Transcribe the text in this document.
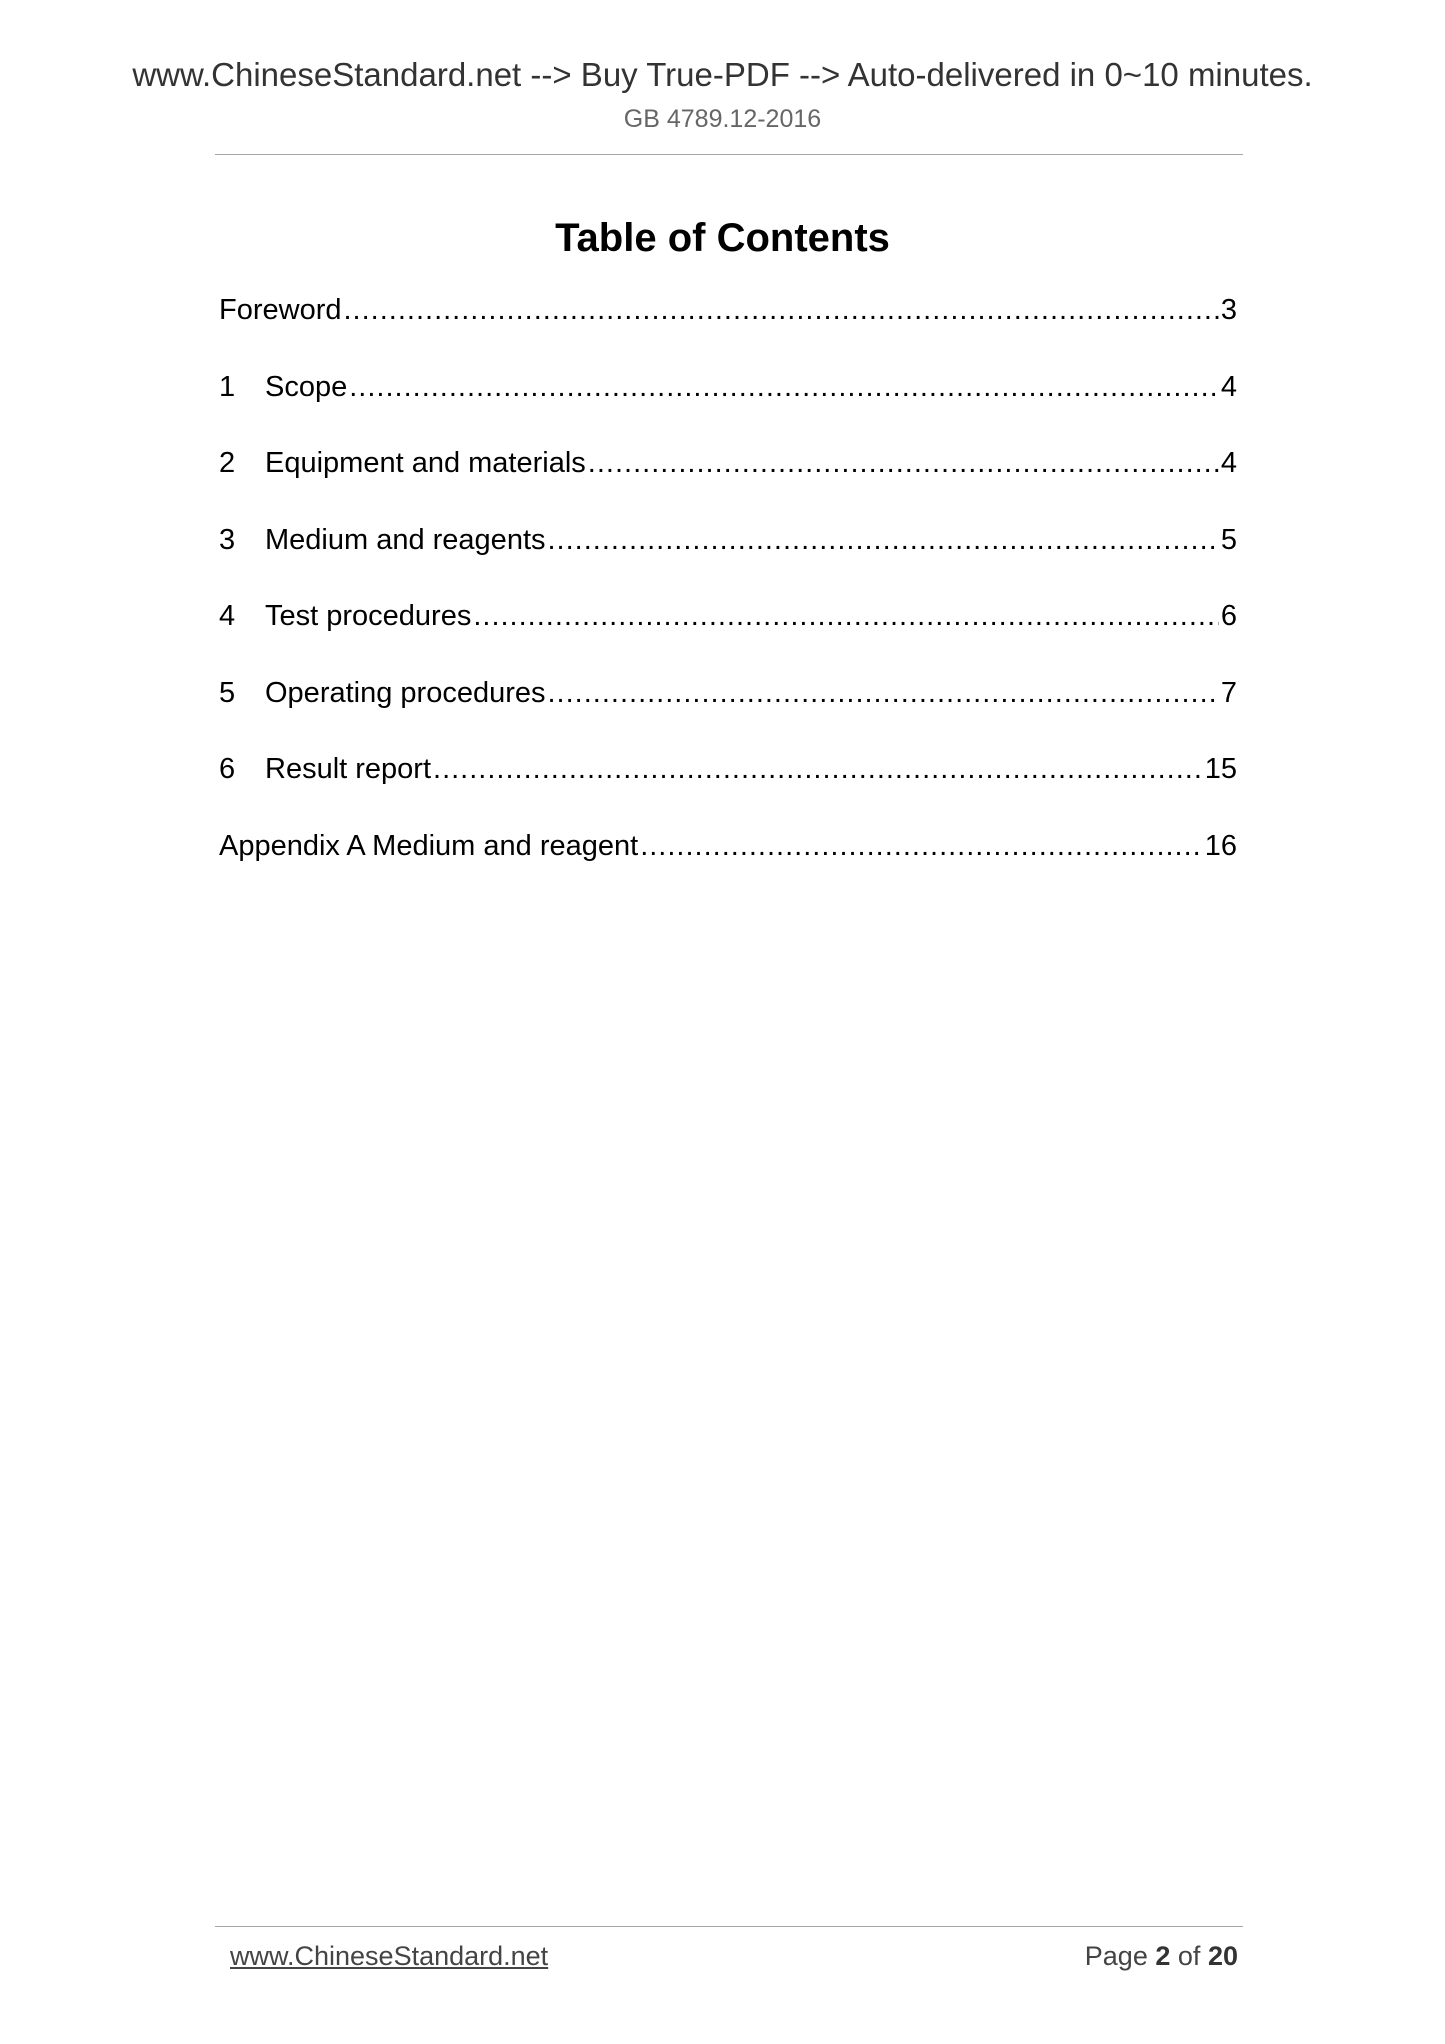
www.ChineseStandard.net --> Buy True-PDF --> Auto-delivered in 0~10 minutes.
GB 4789.12-2016
Table of Contents
Foreword .....	3
1	Scope .....	4
2	Equipment and materials .....	4
3	Medium and reagents .....	5
4	Test procedures .....	6
5	Operating procedures .....	7
6	Result report .....	15
Appendix A Medium and reagent .....	16
www.ChineseStandard.net	Page 2 of 20
